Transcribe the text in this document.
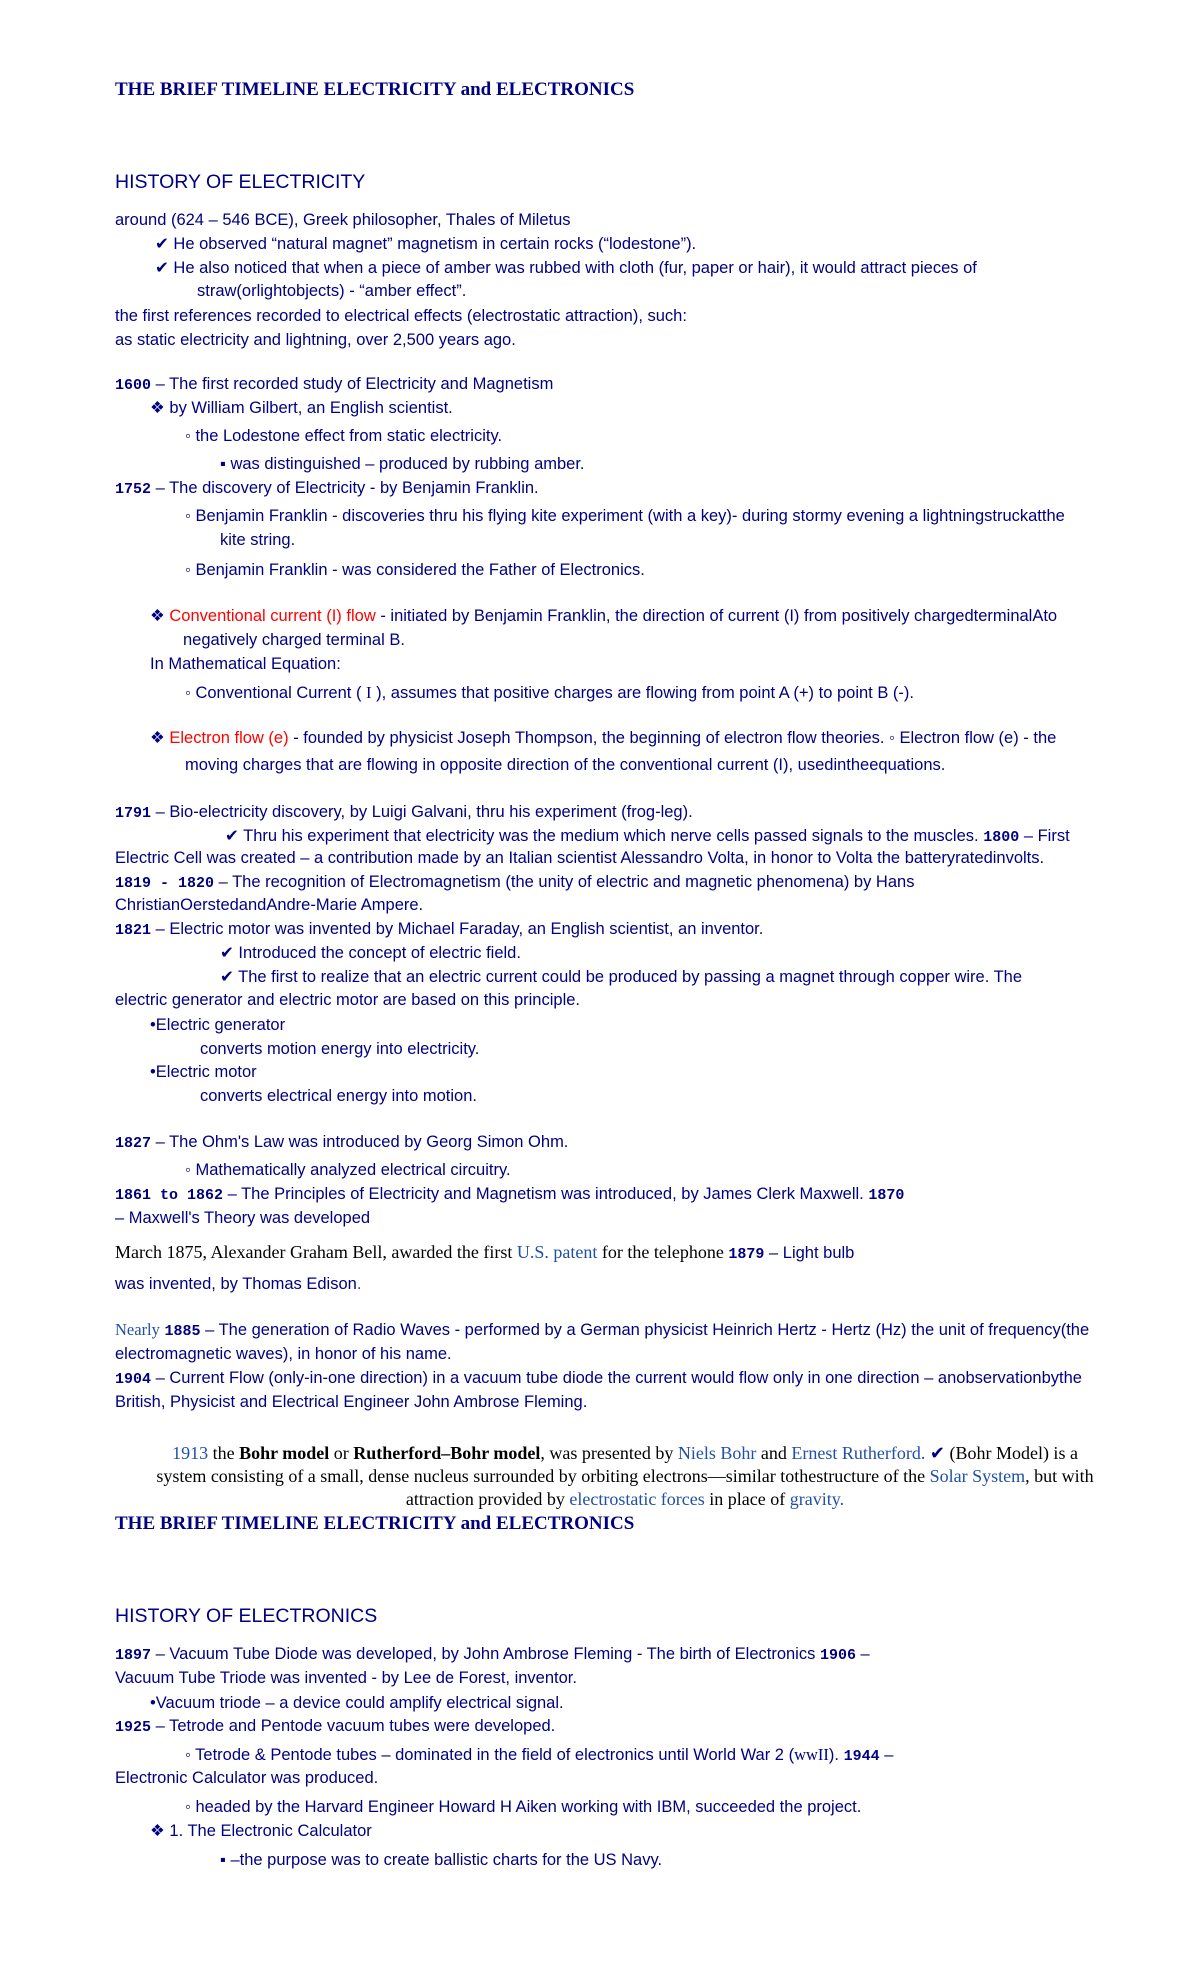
THE BRIEF TIMELINE ELECTRICITY and ELECTRONICS
HISTORY OF ELECTRICITY
around (624 – 546 BCE), Greek philosopher, Thales of Miletus
✔ He observed “natural magnet” magnetism in certain rocks (“lodestone”).
✔ He also noticed that when a piece of amber was rubbed with cloth (fur, paper or hair), it would attract pieces of
straw(orlightobjects) - “amber effect”.
the first references recorded to electrical effects (electrostatic attraction), such:
as static electricity and lightning, over 2,500 years ago.
1600 – The first recorded study of Electricity and Magnetism
❖ by William Gilbert, an English scientist.
◦ the Lodestone effect from static electricity.
▪ was distinguished – produced by rubbing amber.
1752 – The discovery of Electricity - by Benjamin Franklin.
◦ Benjamin Franklin - discoveries thru his flying kite experiment (with a key)- during stormy evening a lightningstruckatthe
kite string.
◦ Benjamin Franklin - was considered the Father of Electronics.
❖ Conventional current (I) flow - initiated by Benjamin Franklin, the direction of current (I) from positively chargedterminalAto
negatively charged terminal B.
In Mathematical Equation:
◦ Conventional Current ( I ), assumes that positive charges are flowing from point A (+) to point B (-).
❖ Electron flow (e) - founded by physicist Joseph Thompson, the beginning of electron flow theories. ◦ Electron flow (e) - the
moving charges that are flowing in opposite direction of the conventional current (I), usedintheequations.
1791 – Bio-electricity discovery, by Luigi Galvani, thru his experiment (frog-leg).
✔ Thru his experiment that electricity was the medium which nerve cells passed signals to the muscles. 1800 – First
Electric Cell was created – a contribution made by an Italian scientist Alessandro Volta, in honor to Volta the batteryratedinvolts.
1819 - 1820 – The recognition of Electromagnetism (the unity of electric and magnetic phenomena) by Hans
ChristianOerstedandAndre-Marie Ampere.
1821 – Electric motor was invented by Michael Faraday, an English scientist, an inventor.
✔ Introduced the concept of electric field.
✔ The first to realize that an electric current could be produced by passing a magnet through copper wire. The
electric generator and electric motor are based on this principle.
•Electric generator
converts motion energy into electricity.
•Electric motor
converts electrical energy into motion.
1827 – The Ohm's Law was introduced by Georg Simon Ohm.
◦ Mathematically analyzed electrical circuitry.
1861 to 1862 – The Principles of Electricity and Magnetism was introduced, by James Clerk Maxwell. 1870
– Maxwell's Theory was developed
March 1875, Alexander Graham Bell, awarded the first U.S. patent for the telephone 1879 – Light bulb
was invented, by Thomas Edison.
Nearly 1885 – The generation of Radio Waves - performed by a German physicist Heinrich Hertz - Hertz (Hz) the unit of frequency(the
electromagnetic waves), in honor of his name.
1904 – Current Flow (only-in-one direction) in a vacuum tube diode the current would flow only in one direction – anobservationbythe
British, Physicist and Electrical Engineer John Ambrose Fleming.
1913 the Bohr model or Rutherford–Bohr model, was presented by Niels Bohr and Ernest Rutherford. ✔ (Bohr Model) is a
system consisting of a small, dense nucleus surrounded by orbiting electrons—similar tothestructure of the Solar System, but with
attraction provided by electrostatic forces in place of gravity.
THE BRIEF TIMELINE ELECTRICITY and ELECTRONICS
HISTORY OF ELECTRONICS
1897 – Vacuum Tube Diode was developed, by John Ambrose Fleming - The birth of Electronics 1906 –
Vacuum Tube Triode was invented - by Lee de Forest, inventor.
•Vacuum triode – a device could amplify electrical signal.
1925 – Tetrode and Pentode vacuum tubes were developed.
◦ Tetrode & Pentode tubes – dominated in the field of electronics until World War 2 (wwII). 1944 –
Electronic Calculator was produced.
◦ headed by the Harvard Engineer Howard H Aiken working with IBM, succeeded the project.
❖ 1. The Electronic Calculator
▪ –the purpose was to create ballistic charts for the US Navy.
